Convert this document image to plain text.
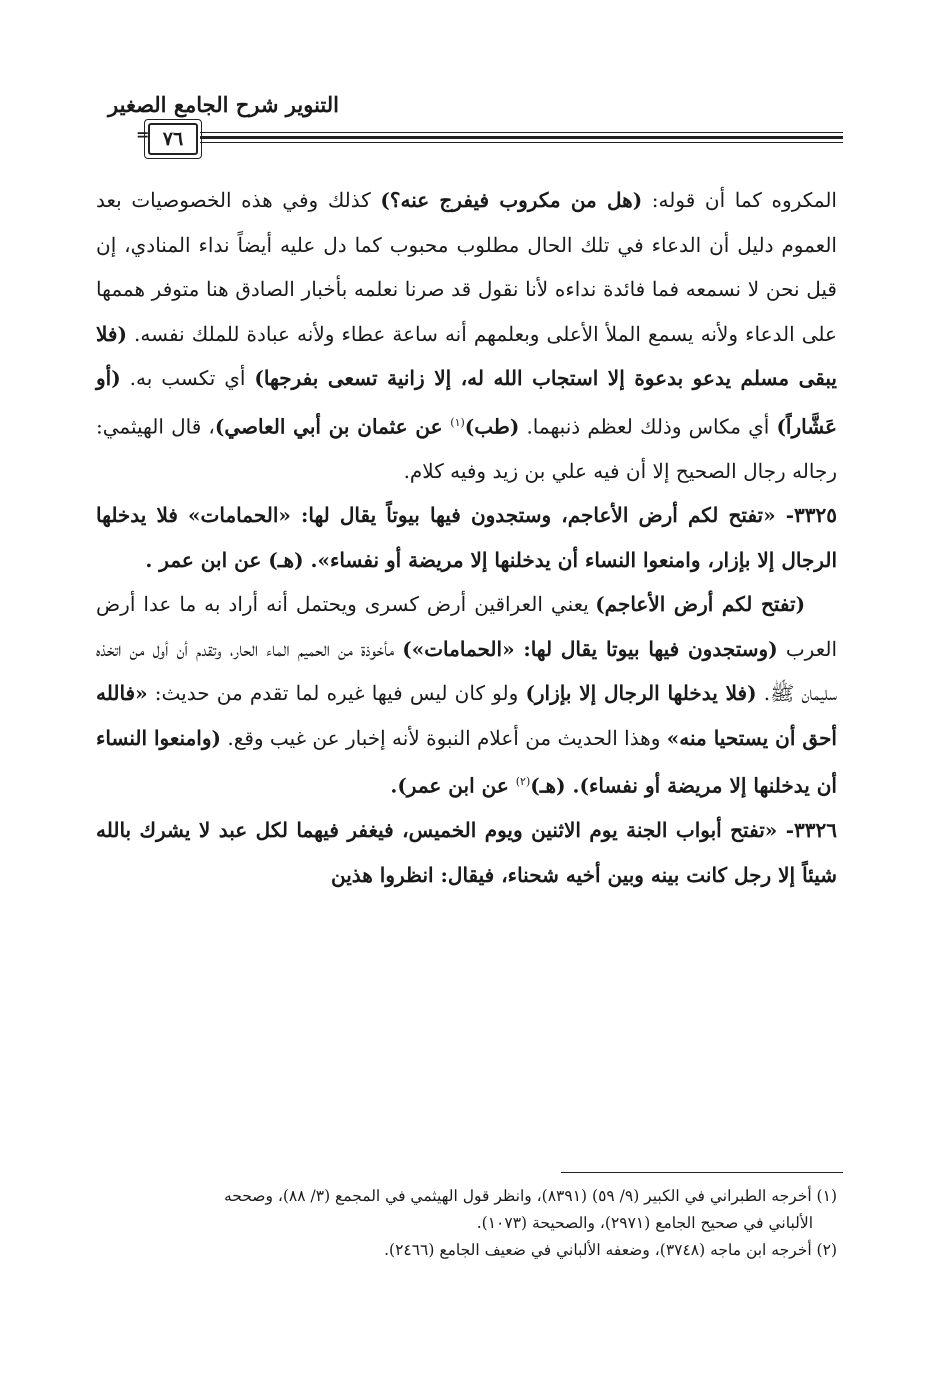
التنوير شرح الجامع الصغير
= ٧٦

المكروه كما أن قوله: (هل من مكروب فيفرج عنه؟) كذلك وفي هذه الخصوصيات بعد العموم دليل أن الدعاء في تلك الحال مطلوب محبوب كما دل عليه أيضاً نداء المنادي، إن قيل نحن لا نسمعه فما فائدة نداءه لأنا نقول قد صرنا نعلمه بأخبار الصادق هنا متوفر هممها على الدعاء ولأنه يسمع الملأ الأعلى وبعلمهم أنه ساعة عطاء ولأنه عبادة للملك نفسه. (فلا يبقى مسلم يدعو بدعوة إلا استجاب الله له، إلا زانية تسعى بفرجها) أي تكسب به. (أو عَشَّاراً) أي مكاس وذلك لعظم ذنبهما. (طب)$^{(١)}$ عن عثمان بن أبي العاصي)، قال الهيثمي: رجاله رجال الصحيح إلا أن فيه علي بن زيد وفيه كلام.

٣٣٢٥- «تفتح لكم أرض الأعاجم، وستجدون فيها بيوتاً يقال لها: «الحمامات» فلا يدخلها الرجال إلا بإزار، وامنعوا النساء أن يدخلنها إلا مريضة أو نفساء». (هـ) عن ابن عمر .

(تفتح لكم أرض الأعاجم) يعني العراقين أرض كسرى ويحتمل أنه أراد به ما عدا أرض العرب (وستجدون فيها بيوتا يقال لها: «الحمامات») مأخوذة من الحميم الماء الحار، وتقدم أن أول من اتخذه سليمان ﷺ. (فلا يدخلها الرجال إلا بإزار) ولو كان ليس فيها غيره لما تقدم من حديث: «فالله أحق أن يستحيا منه» وهذا الحديث من أعلام النبوة لأنه إخبار عن غيب وقع. (وامنعوا النساء أن يدخلنها إلا مريضة أو نفساء). (هـ)$^{(٢)}$ عن ابن عمر).

٣٣٢٦- «تفتح أبواب الجنة يوم الاثنين ويوم الخميس، فيغفر فيهما لكل عبد لا يشرك بالله شيئاً إلا رجل كانت بينه وبين أخيه شحناء، فيقال: انظروا هذين

(١) أخرجه الطبراني في الكبير (٩/ ٥٩) (٨٣٩١)، وانظر قول الهيثمي في المجمع (٣/ ٨٨)، وصححه

الألباني في صحيح الجامع (٢٩٧١)، والصحيحة (١٠٧٣).

(٢) أخرجه ابن ماجه (٣٧٤٨)، وضعفه الألباني في ضعيف الجامع (٢٤٦٦).
